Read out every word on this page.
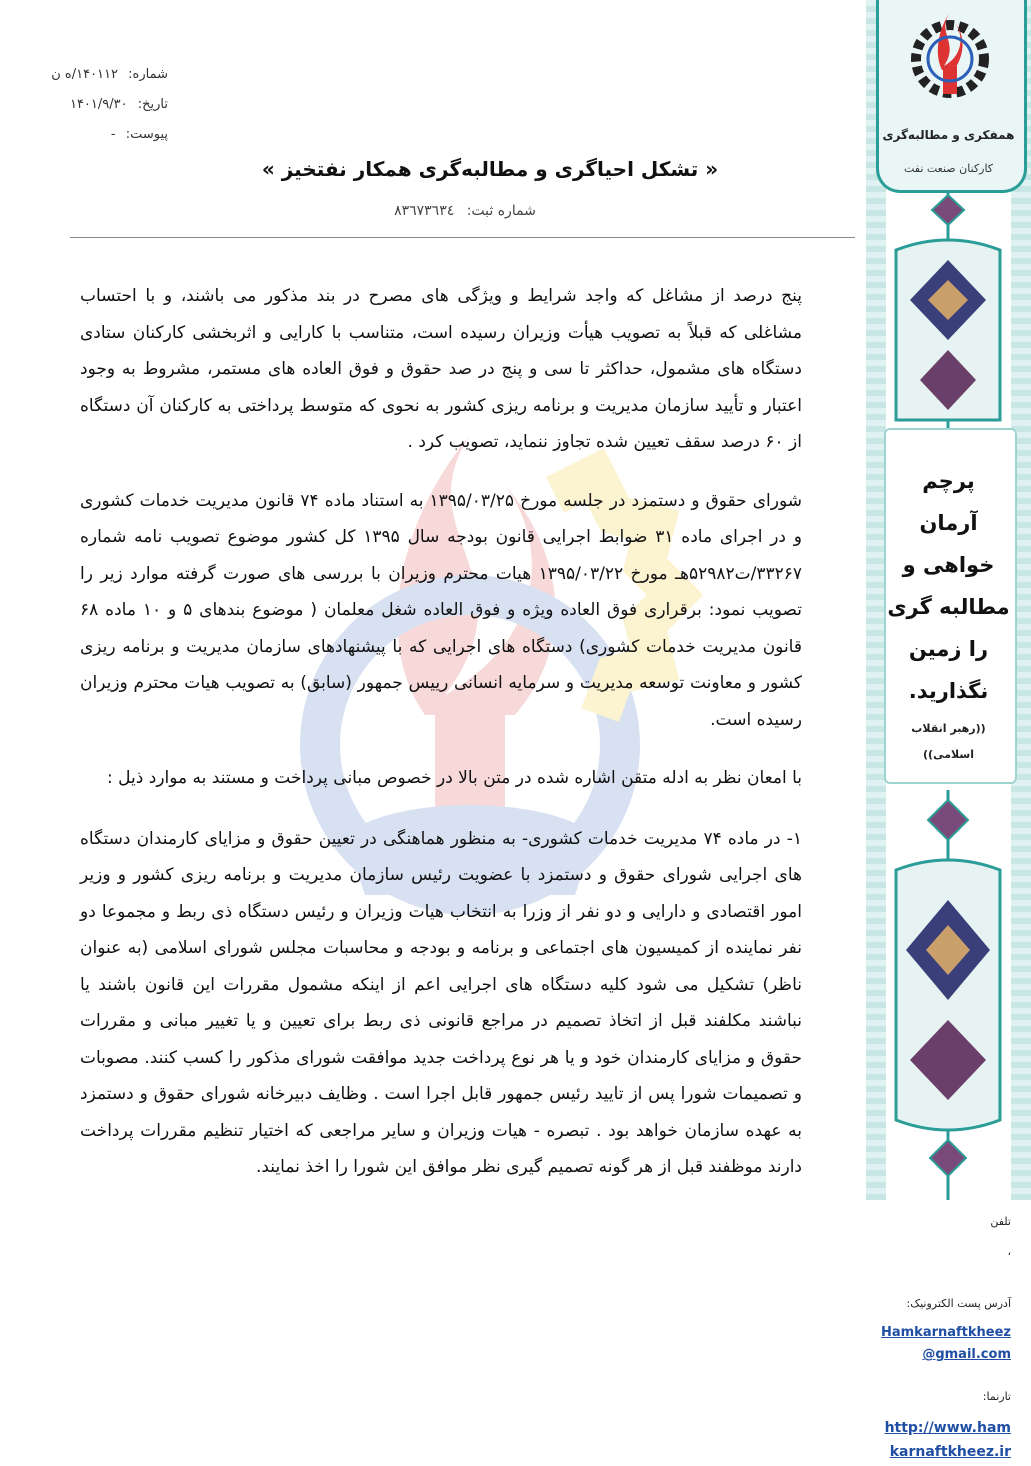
شماره: ۱۴۰۱۱۲/ه ن
تاریخ: ۱۴۰۱/۹/۳۰
پیوست: -
« تشکل احیاگری و مطالبه‌گری همکار نفتخیز »
شماره ثبت: ٨٣٦٧٣٦٣٤

پنج درصد از مشاغل که واجد شرایط و ویژگی های مصرح در بند مذکور می باشند، و با احتساب مشاغلی که قبلاً به تصویب هیأت وزیران رسیده است، متناسب با کارایی و اثربخشی کارکنان ستادی دستگاه های مشمول، حداکثر تا سی و پنج در صد حقوق و فوق العاده های مستمر، مشروط به وجود اعتبار و تأیید سازمان مدیریت و برنامه ریزی کشور به نحوی که متوسط پرداختی به کارکنان آن دستگاه از ۶۰ درصد سقف تعیین شده تجاوز ننماید، تصویب کرد .

شورای حقوق و دستمزد در جلسه مورخ ۱۳۹۵/۰۳/۲۵ به استناد ماده ۷۴ قانون مدیریت خدمات کشوری و در اجرای ماده ۳۱ ضوابط اجرایی قانون بودجه سال ۱۳۹۵ کل کشور موضوع تصویب نامه شماره ۳۳۲۶۷/ت۵۲۹۸۲هـ مورخ ۱۳۹۵/۰۳/۲۲ هیات محترم وزیران با بررسی های صورت گرفته موارد زیر را تصویب نمود: برقراری فوق العاده ویژه و فوق العاده شغل معلمان ( موضوع بندهای ۵ و ۱۰ ماده ۶۸ قانون مدیریت خدمات کشوری) دستگاه های اجرایی که با پیشنهادهای سازمان مدیریت و برنامه ریزی کشور و معاونت توسعه مدیریت و سرمایه انسانی رییس جمهور (سابق) به تصویب هیات محترم وزیران رسیده است.

با امعان نظر به ادله متقن اشاره شده در متن بالا در خصوص مبانی پرداخت و مستند به موارد ذیل :

۱- در ماده ۷۴ مدیریت خدمات کشوری- به منظور هماهنگی در تعیین حقوق و مزایای کارمندان دستگاه های اجرایی شورای حقوق و دستمزد با عضویت رئیس سازمان مدیریت و برنامه ریزی کشور و وزیر امور اقتصادی و دارایی و دو نفر از وزرا به انتخاب هیات وزیران و رئیس دستگاه ذی ربط و مجموعا دو نفر نماینده از کمیسیون های اجتماعی و برنامه و بودجه و محاسبات مجلس شورای اسلامی (به عنوان ناظر) تشکیل می شود کلیه دستگاه های اجرایی اعم از اینکه مشمول مقررات این قانون باشند یا نباشند مکلفند قبل از اتخاذ تصمیم در مراجع قانونی ذی ربط برای تعیین و یا تغییر مبانی و مقررات حقوق و مزایای کارمندان خود و یا هر نوع پرداخت جدید موافقت شورای مذکور را کسب کنند. مصوبات و تصمیمات شورا پس از تایید رئیس جمهور قابل اجرا است . وظایف دبیرخانه شورای حقوق و دستمزد به عهده سازمان خواهد بود . تبصره - هیات وزیران و سایر مراجعی که اختیار تنظیم مقررات پرداخت دارند موظفند قبل از هر گونه تصمیم گیری نظر موافق این شورا را اخذ نمایند.

همفکری و مطالبه‌گری
کارکنان صنعت نفت
پرچم
آرمان
خواهی و
مطالبه گری
را زمین
نگذارید.
((رهبر انقلاب
اسلامی))
تلفن
،
آدرس پست الکترونیک:
Hamkarnaftkheez
@gmail.com
تارنما:
http://www.ham
karnaftkheez.ir
